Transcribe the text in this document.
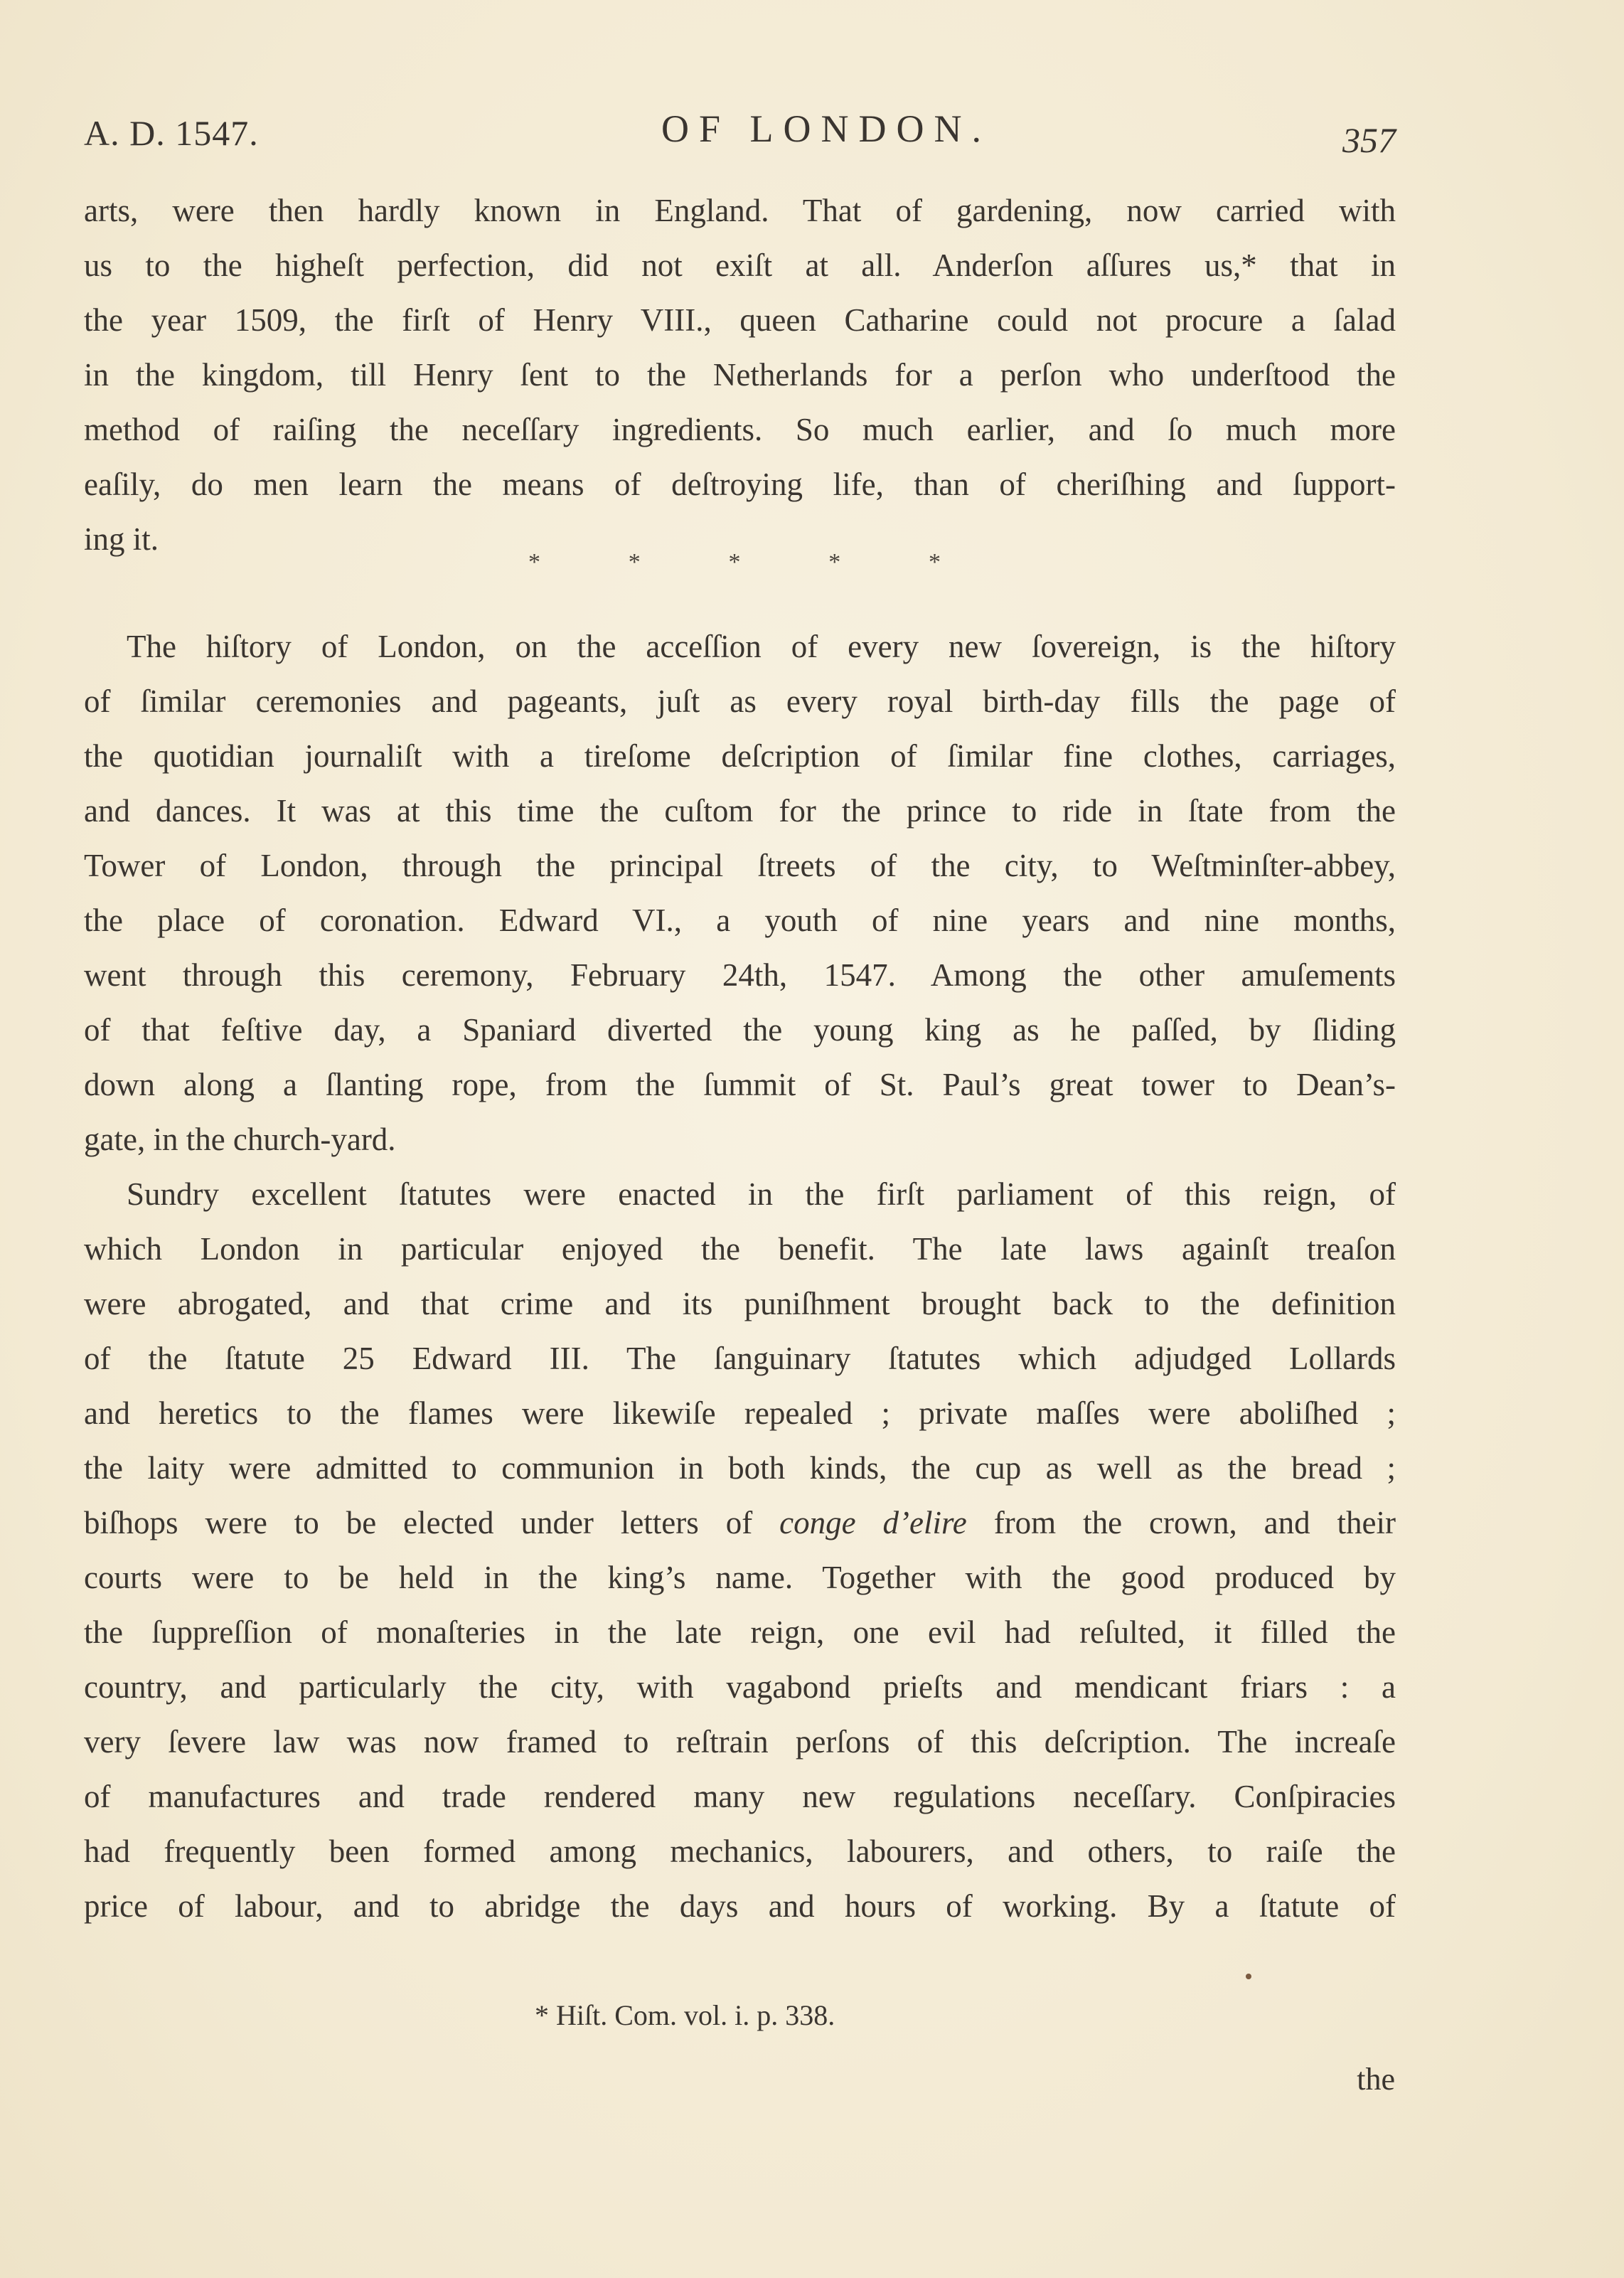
A. D. 1547.	OF LONDON.	357
arts, were then hardly known in England. That of gardening, now carried with
us to the higheſt perfection, did not exiſt at all. Anderſon aſſures us,* that in
the year 1509, the firſt of Henry VIII., queen Catharine could not procure a ſalad
in the kingdom, till Henry ſent to the Netherlands for a perſon who underſtood the
method of raiſing the neceſſary ingredients. So much earlier, and ſo much more
eaſily, do men learn the means of deſtroying life, than of cheriſhing and ſupport-
ing it.
The hiſtory of London, on the acceſſion of every new ſovereign, is the hiſtory
of ſimilar ceremonies and pageants, juſt as every royal birth-day fills the page of
the quotidian journaliſt with a tireſome deſcription of ſimilar fine clothes, carriages,
and dances. It was at this time the cuſtom for the prince to ride in ſtate from the
Tower of London, through the principal ſtreets of the city, to Weſtminſter-abbey,
the place of coronation. Edward VI., a youth of nine years and nine months,
went through this ceremony, February 24th, 1547. Among the other amuſements
of that feſtive day, a Spaniard diverted the young king as he paſſed, by ſliding
down along a ſlanting rope, from the ſummit of St. Paul’s great tower to Dean’s-
gate, in the church-yard.
Sundry excellent ſtatutes were enacted in the firſt parliament of this reign, of
which London in particular enjoyed the benefit. The late laws againſt treaſon
were abrogated, and that crime and its puniſhment brought back to the definition
of the ſtatute 25 Edward III. The ſanguinary ſtatutes which adjudged Lollards
and heretics to the flames were likewiſe repealed ; private maſſes were aboliſhed ;
the laity were admitted to communion in both kinds, the cup as well as the bread ;
biſhops were to be elected under letters of conge d’elire from the crown, and their
courts were to be held in the king’s name. Together with the good produced by
the ſuppreſſion of monaſteries in the late reign, one evil had reſulted, it filled the
country, and particularly the city, with vagabond prieſts and mendicant friars : a
very ſevere law was now framed to reſtrain perſons of this deſcription. The increaſe
of manufactures and trade rendered many new regulations neceſſary. Conſpiracies
had frequently been formed among mechanics, labourers, and others, to raiſe the
price of labour, and to abridge the days and hours of working. By a ſtatute of
*	*	*	*	*
* Hiſt. Com. vol. i. p. 338.
the
